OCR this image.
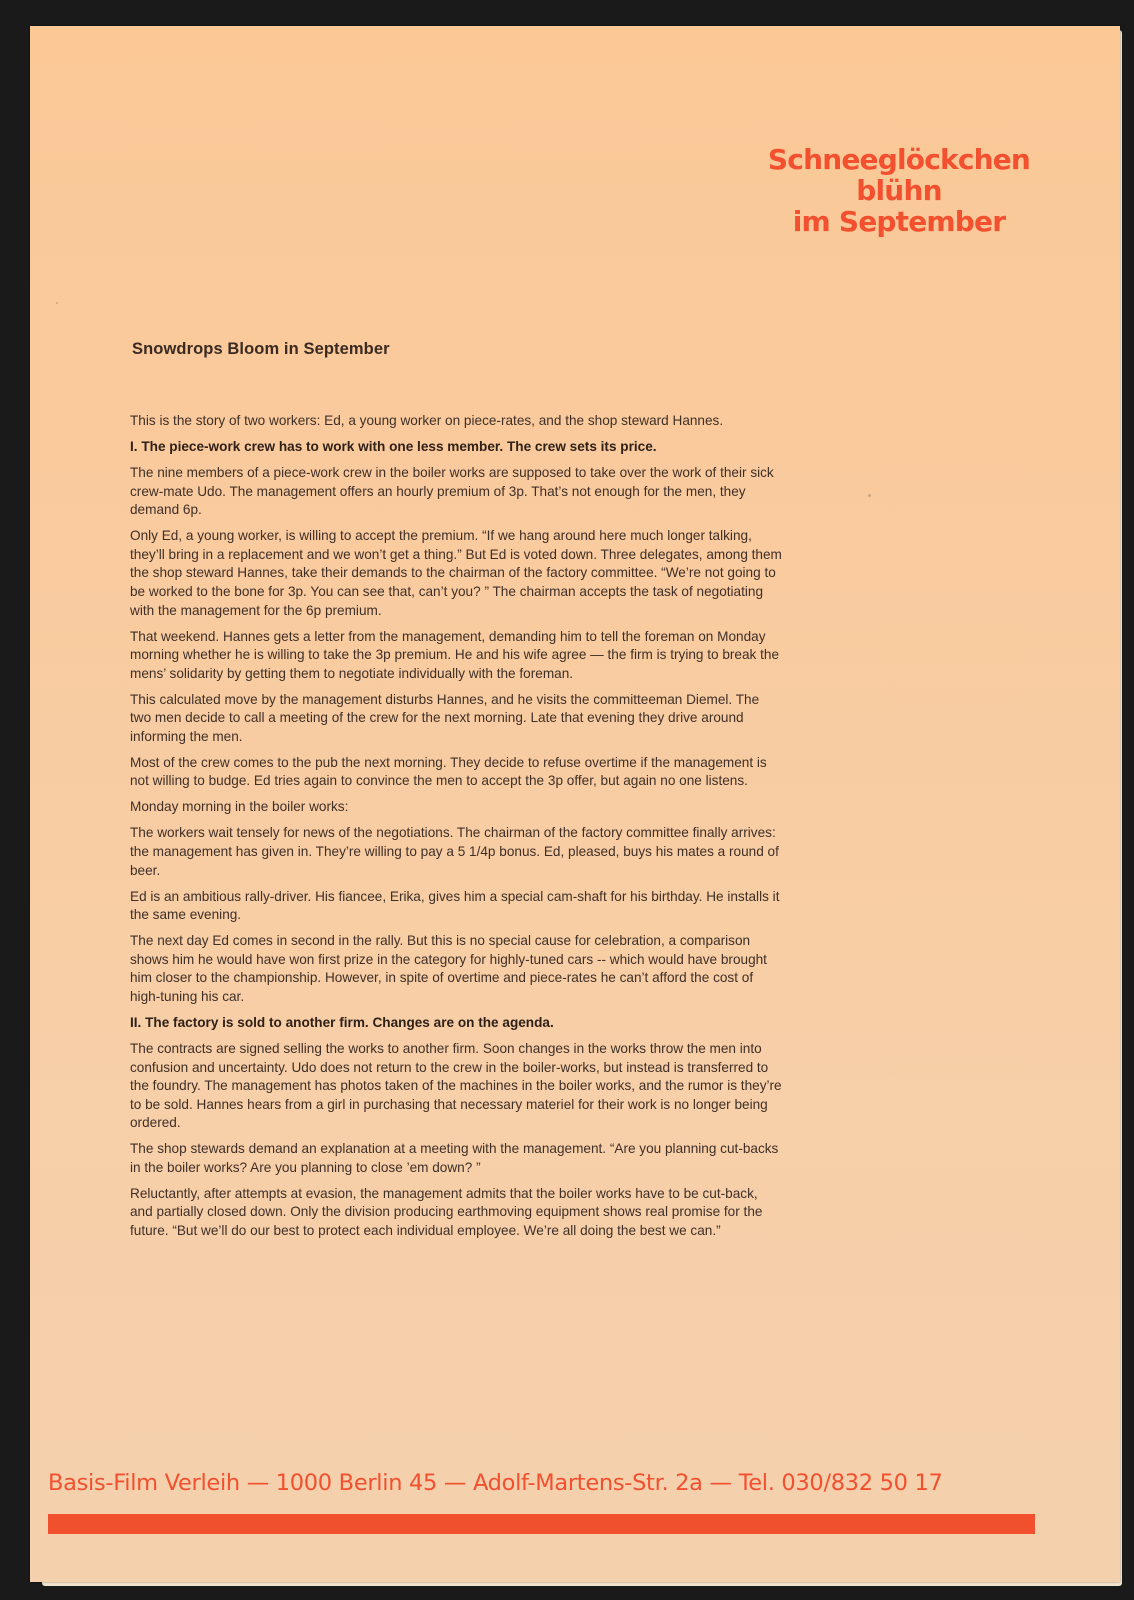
Schneeglöckchen
blühn
im September
Snowdrops Bloom in September

This is the story of two workers: Ed, a young worker on piece-rates, and the shop steward Hannes.

I. The piece-work crew has to work with one less member. The crew sets its price.

The nine members of a piece-work crew in the boiler works are supposed to take over the work of their sick crew-mate Udo. The management offers an hourly premium of 3p. That’s not enough for the men, they demand 6p.

Only Ed, a young worker, is willing to accept the premium. “If we hang around here much longer talking, they’ll bring in a replacement and we won’t get a thing.” But Ed is voted down. Three delegates, among them the shop steward Hannes, take their demands to the chairman of the factory committee. “We’re not going to be worked to the bone for 3p. You can see that, can’t you? ” The chairman accepts the task of negotiating with the management for the 6p premium.

That weekend. Hannes gets a letter from the management, demanding him to tell the foreman on Monday morning whether he is willing to take the 3p premium. He and his wife agree — the firm is trying to break the mens’ solidarity by getting them to negotiate individually with the foreman.

This calculated move by the management disturbs Hannes, and he visits the committeeman Diemel. The two men decide to call a meeting of the crew for the next morning. Late that evening they drive around informing the men.

Most of the crew comes to the pub the next morning. They decide to refuse overtime if the management is not willing to budge. Ed tries again to convince the men to accept the 3p offer, but again no one listens.

Monday morning in the boiler works:

The workers wait tensely for news of the negotiations. The chairman of the factory committee finally arrives: the management has given in. They’re willing to pay a 5 1/4p bonus. Ed, pleased, buys his mates a round of beer.

Ed is an ambitious rally-driver. His fiancee, Erika, gives him a special cam-shaft for his birthday. He installs it the same evening.

The next day Ed comes in second in the rally. But this is no special cause for celebration, a comparison shows him he would have won first prize in the category for highly-tuned cars -- which would have brought him closer to the championship. However, in spite of overtime and piece-rates he can’t afford the cost of high-tuning his car.

II. The factory is sold to another firm. Changes are on the agenda.

The contracts are signed selling the works to another firm. Soon changes in the works throw the men into confusion and uncertainty. Udo does not return to the crew in the boiler-works, but instead is transferred to the foundry. The management has photos taken of the machines in the boiler works, and the rumor is they’re to be sold. Hannes hears from a girl in purchasing that necessary materiel for their work is no longer being ordered.

The shop stewards demand an explanation at a meeting with the management. “Are you planning cut-backs in the boiler works? Are you planning to close ’em down? ”

Reluctantly, after attempts at evasion, the management admits that the boiler works have to be cut-back, and partially closed down. Only the division producing earthmoving equipment shows real promise for the future. “But we’ll do our best to protect each individual employee. We’re all doing the best we can.”

Basis-Film Verleih — 1000 Berlin 45 — Adolf-Martens-Str. 2a — Tel. 030/832 50 17
